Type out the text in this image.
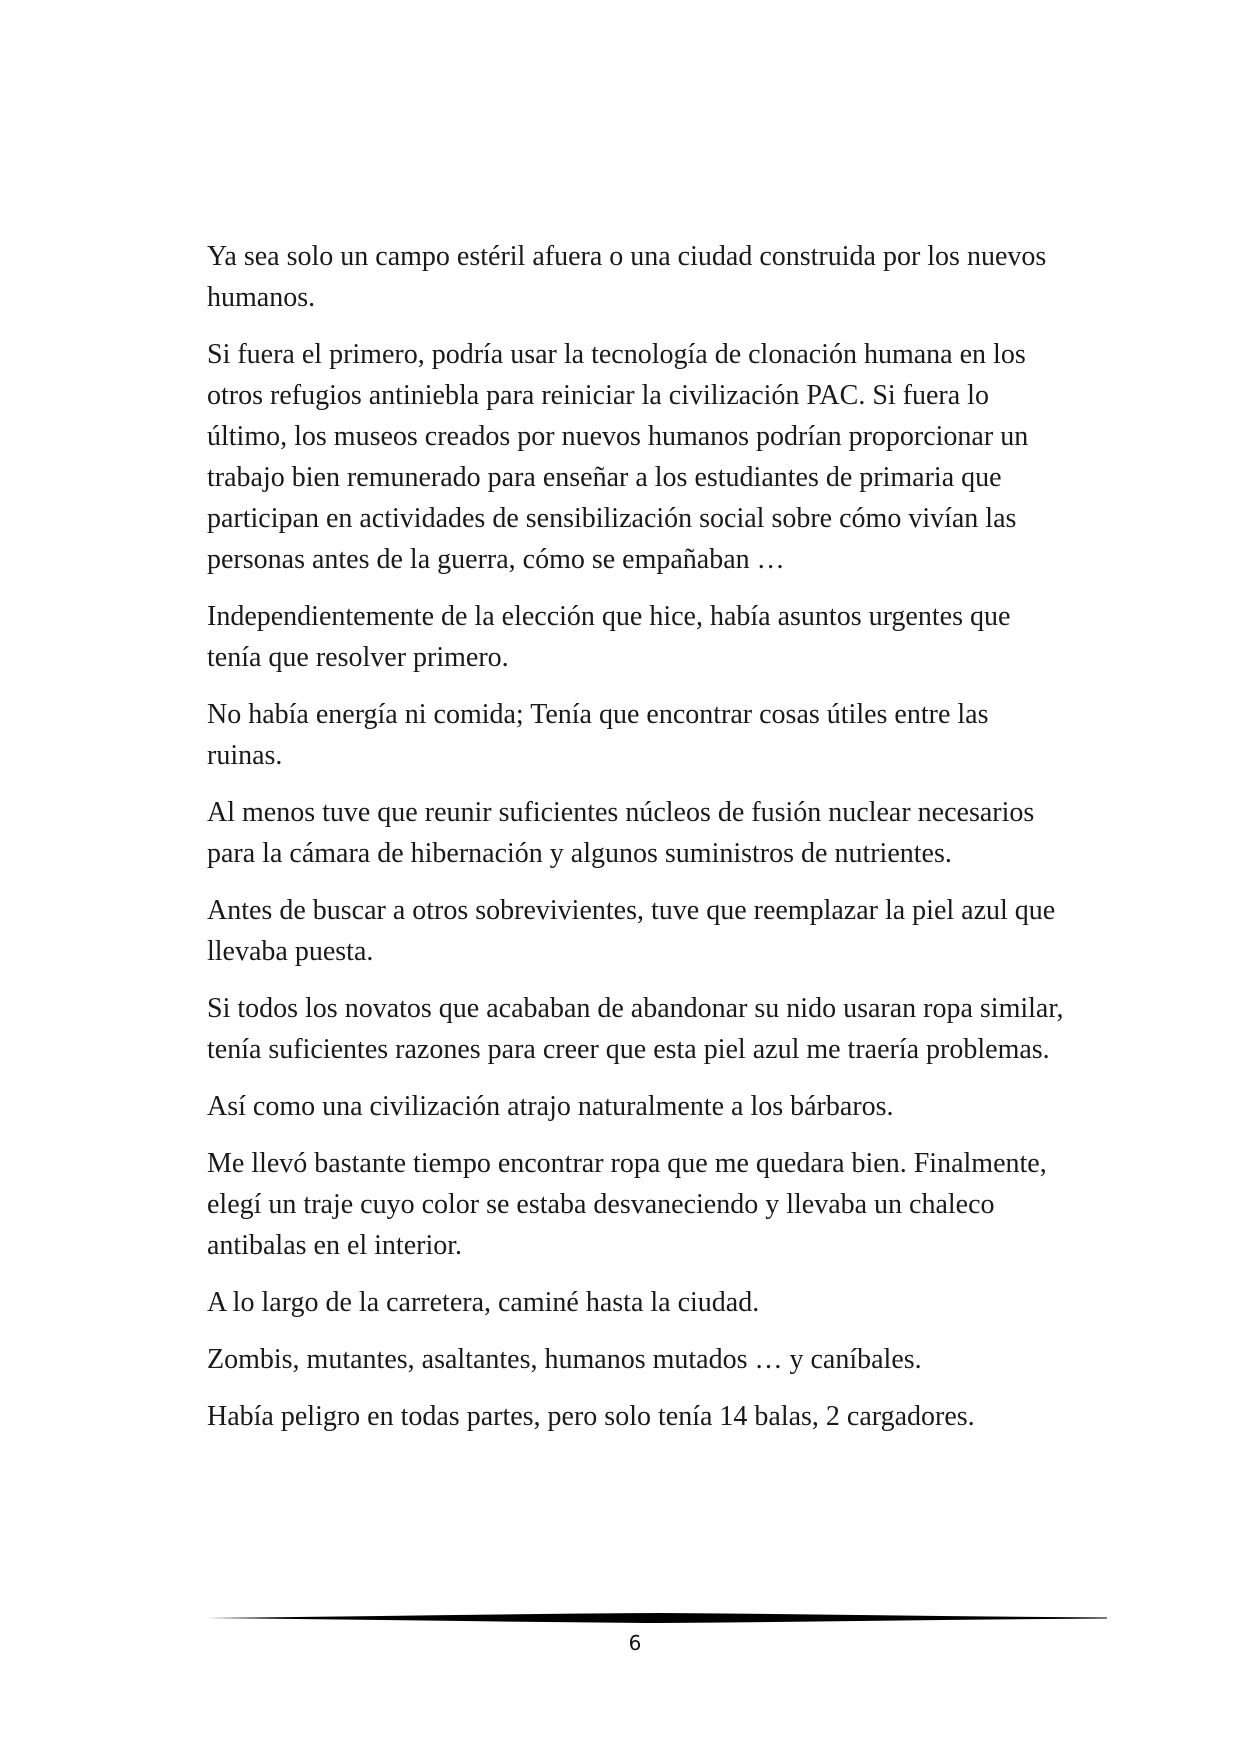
Ya sea solo un campo estéril afuera o una ciudad construida por los nuevos humanos.

Si fuera el primero, podría usar la tecnología de clonación humana en los otros refugios antiniebla para reiniciar la civilización PAC. Si fuera lo último, los museos creados por nuevos humanos podrían proporcionar un trabajo bien remunerado para enseñar a los estudiantes de primaria que participan en actividades de sensibilización social sobre cómo vivían las personas antes de la guerra, cómo se empañaban …

Independientemente de la elección que hice, había asuntos urgentes que tenía que resolver primero.

No había energía ni comida; Tenía que encontrar cosas útiles entre las ruinas.

Al menos tuve que reunir suficientes núcleos de fusión nuclear necesarios para la cámara de hibernación y algunos suministros de nutrientes.

Antes de buscar a otros sobrevivientes, tuve que reemplazar la piel azul que llevaba puesta.

Si todos los novatos que acababan de abandonar su nido usaran ropa similar, tenía suficientes razones para creer que esta piel azul me traería problemas.

Así como una civilización atrajo naturalmente a los bárbaros.

Me llevó bastante tiempo encontrar ropa que me quedara bien. Finalmente, elegí un traje cuyo color se estaba desvaneciendo y llevaba un chaleco antibalas en el interior.

A lo largo de la carretera, caminé hasta la ciudad.

Zombis, mutantes, asaltantes, humanos mutados … y caníbales.

Había peligro en todas partes, pero solo tenía 14 balas, 2 cargadores.

6
